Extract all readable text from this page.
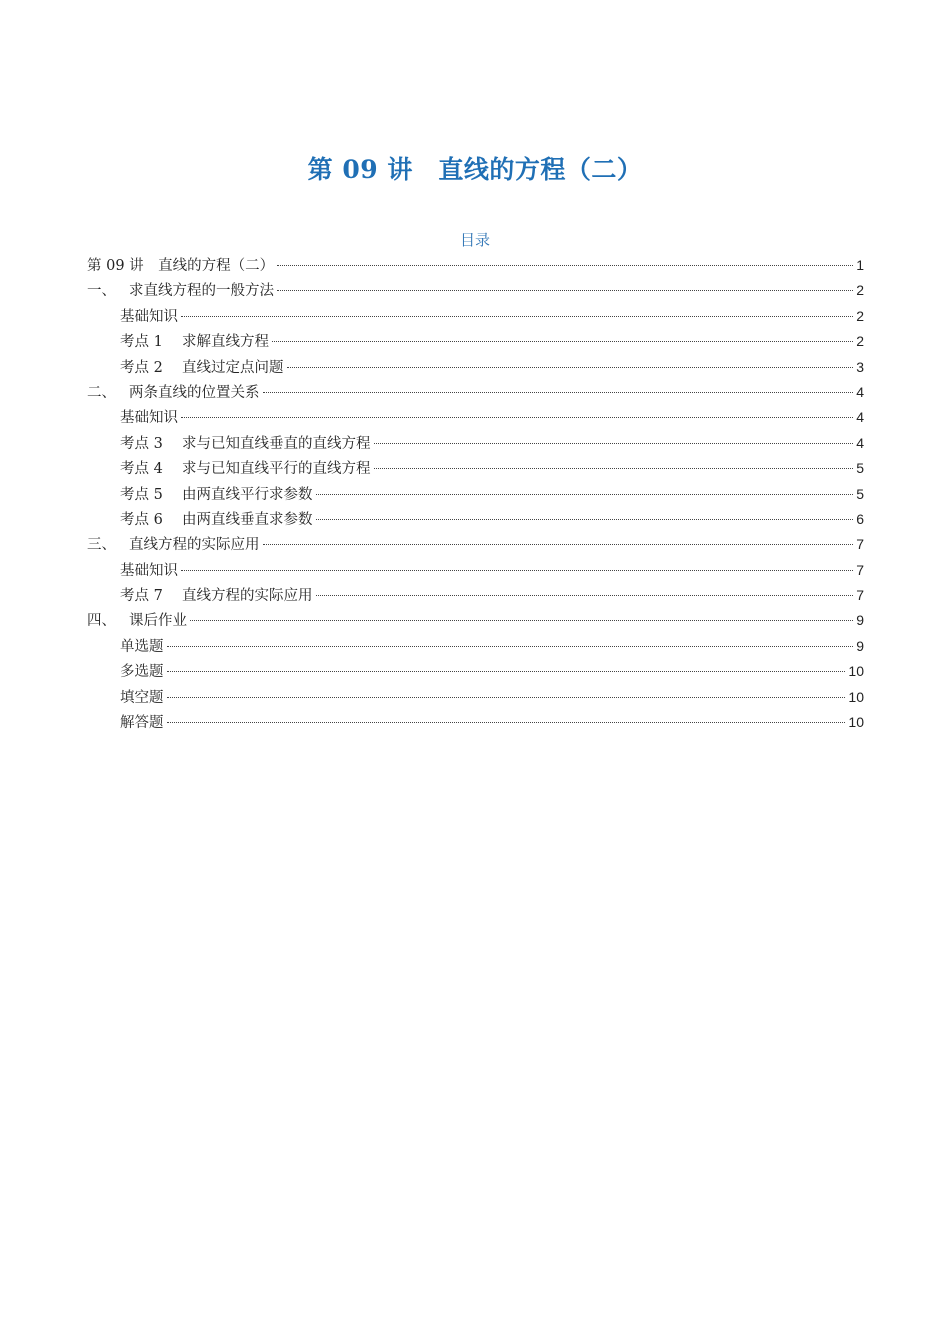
第 09 讲　直线的方程（二）
目录
第 09 讲　直线的方程（二）	1
一、 求直线方程的一般方法	2
基础知识	2
考点 1 求解直线方程	2
考点 2 直线过定点问题	3
二、 两条直线的位置关系	4
基础知识	4
考点 3 求与已知直线垂直的直线方程	4
考点 4 求与已知直线平行的直线方程	5
考点 5 由两直线平行求参数	5
考点 6 由两直线垂直求参数	6
三、 直线方程的实际应用	7
基础知识	7
考点 7 直线方程的实际应用	7
四、 课后作业	9
单选题	9
多选题	10
填空题	10
解答题	10
